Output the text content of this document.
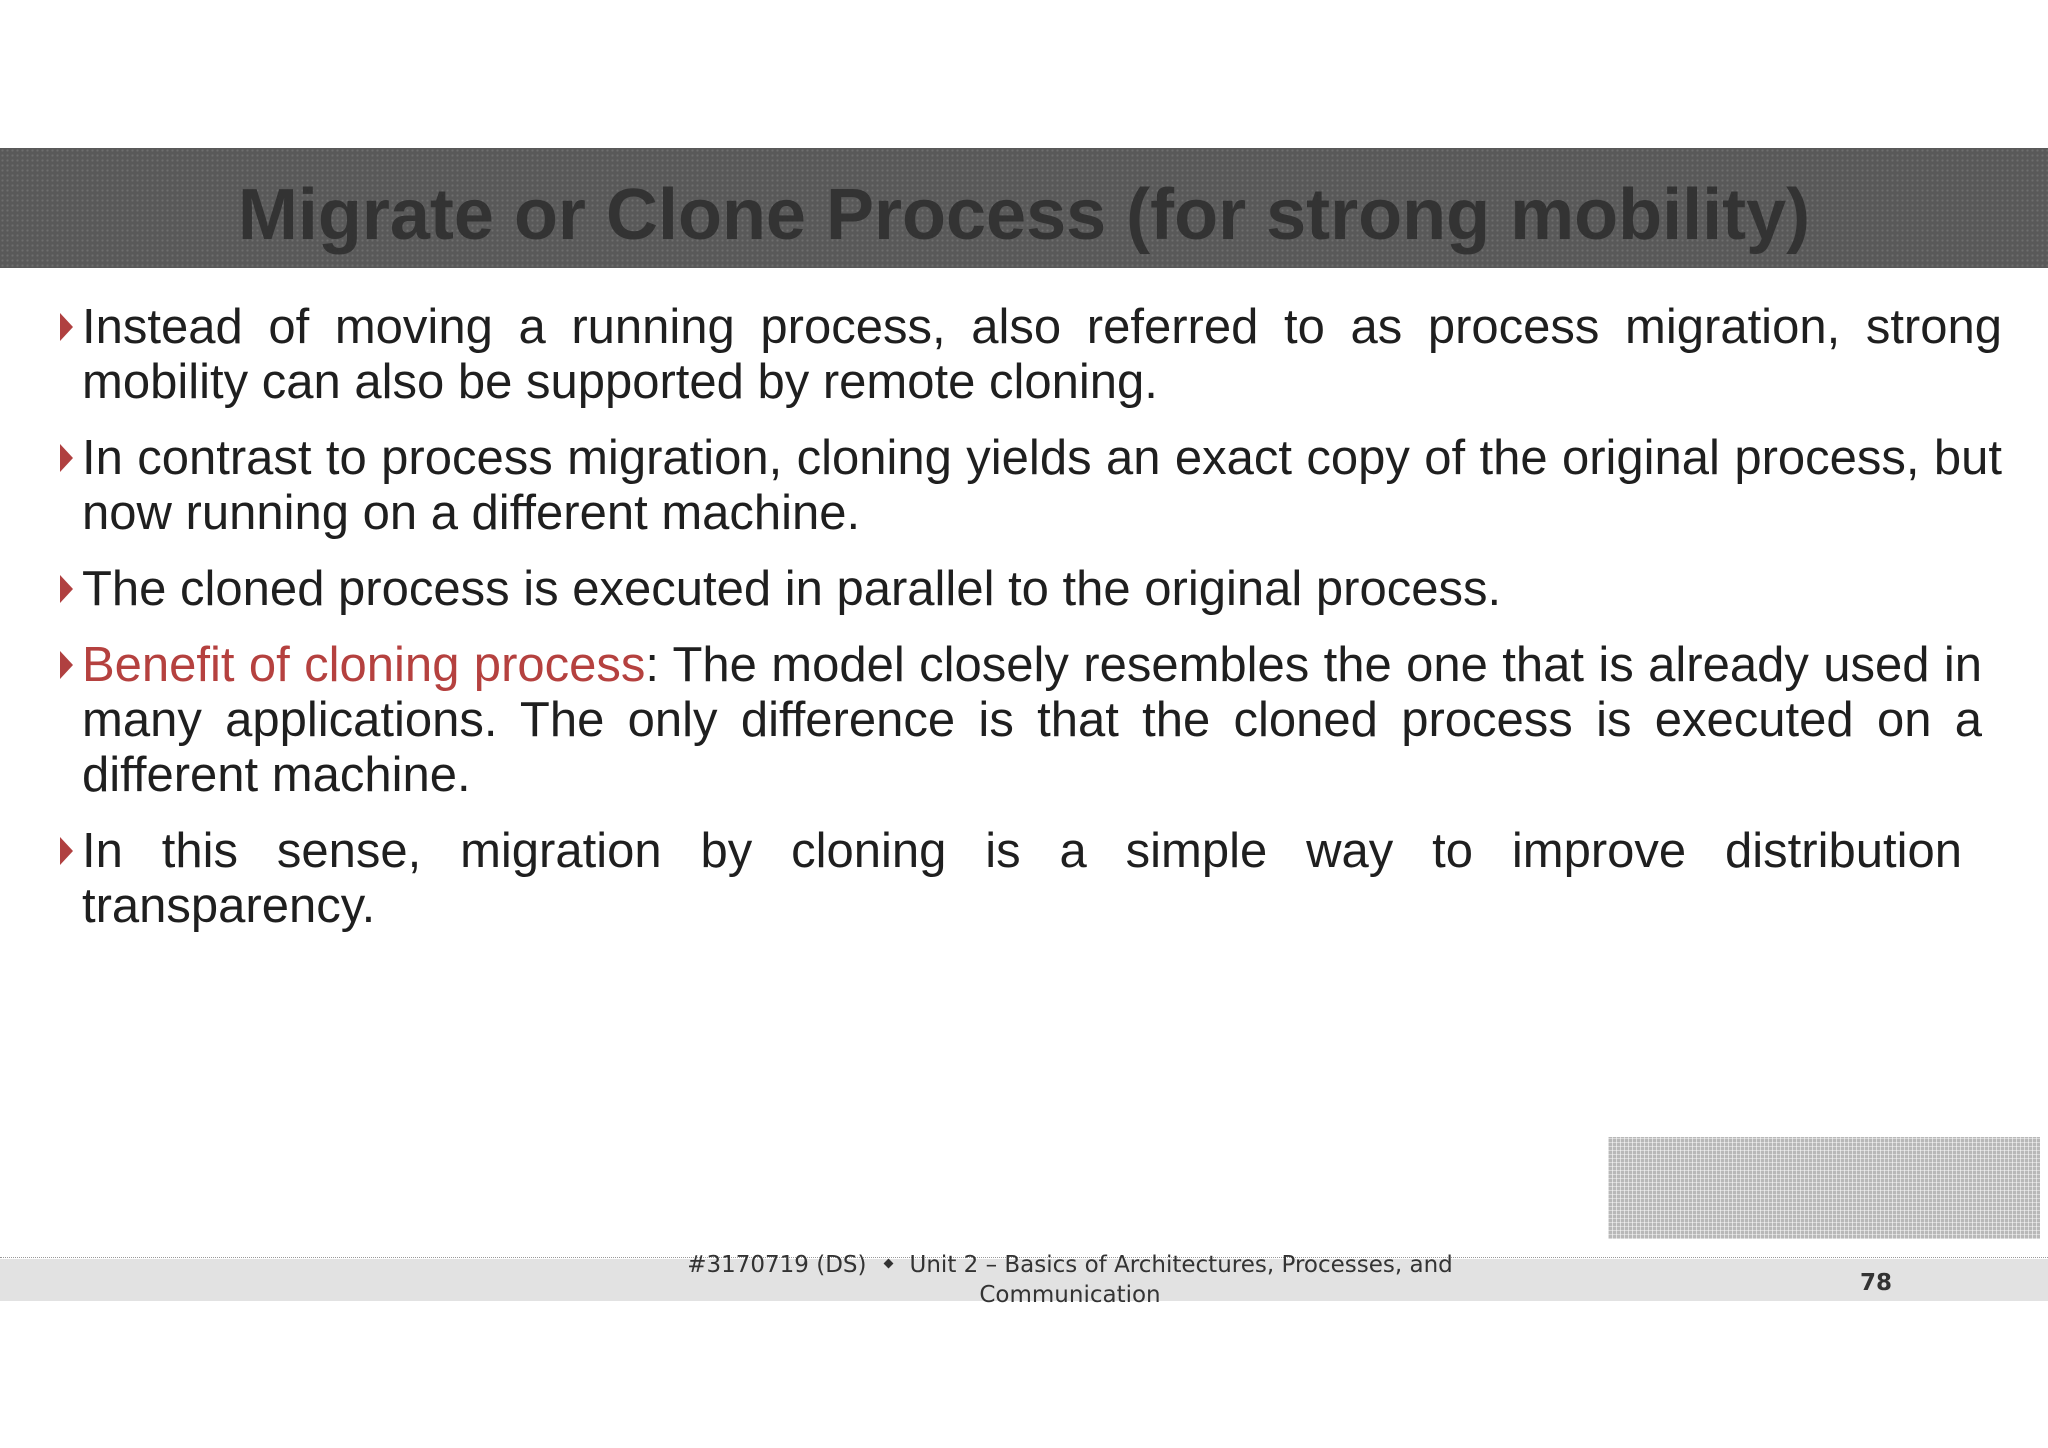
Migrate or Clone Process (for strong mobility)
Instead of moving a running process, also referred to as process migration, strong mobility can also be supported by remote cloning.
In contrast to process migration, cloning yields an exact copy of the original process, but now running on a different machine.
The cloned process is executed in parallel to the original process.
Benefit of cloning process: The model closely resembles the one that is already used in many applications. The only difference is that the cloned process is executed on a different machine.
In this sense, migration by cloning is a simple way to improve distribution transparency.
#3170719 (DS) Unit 2 – Basics of Architectures, Processes, and Communication	78
